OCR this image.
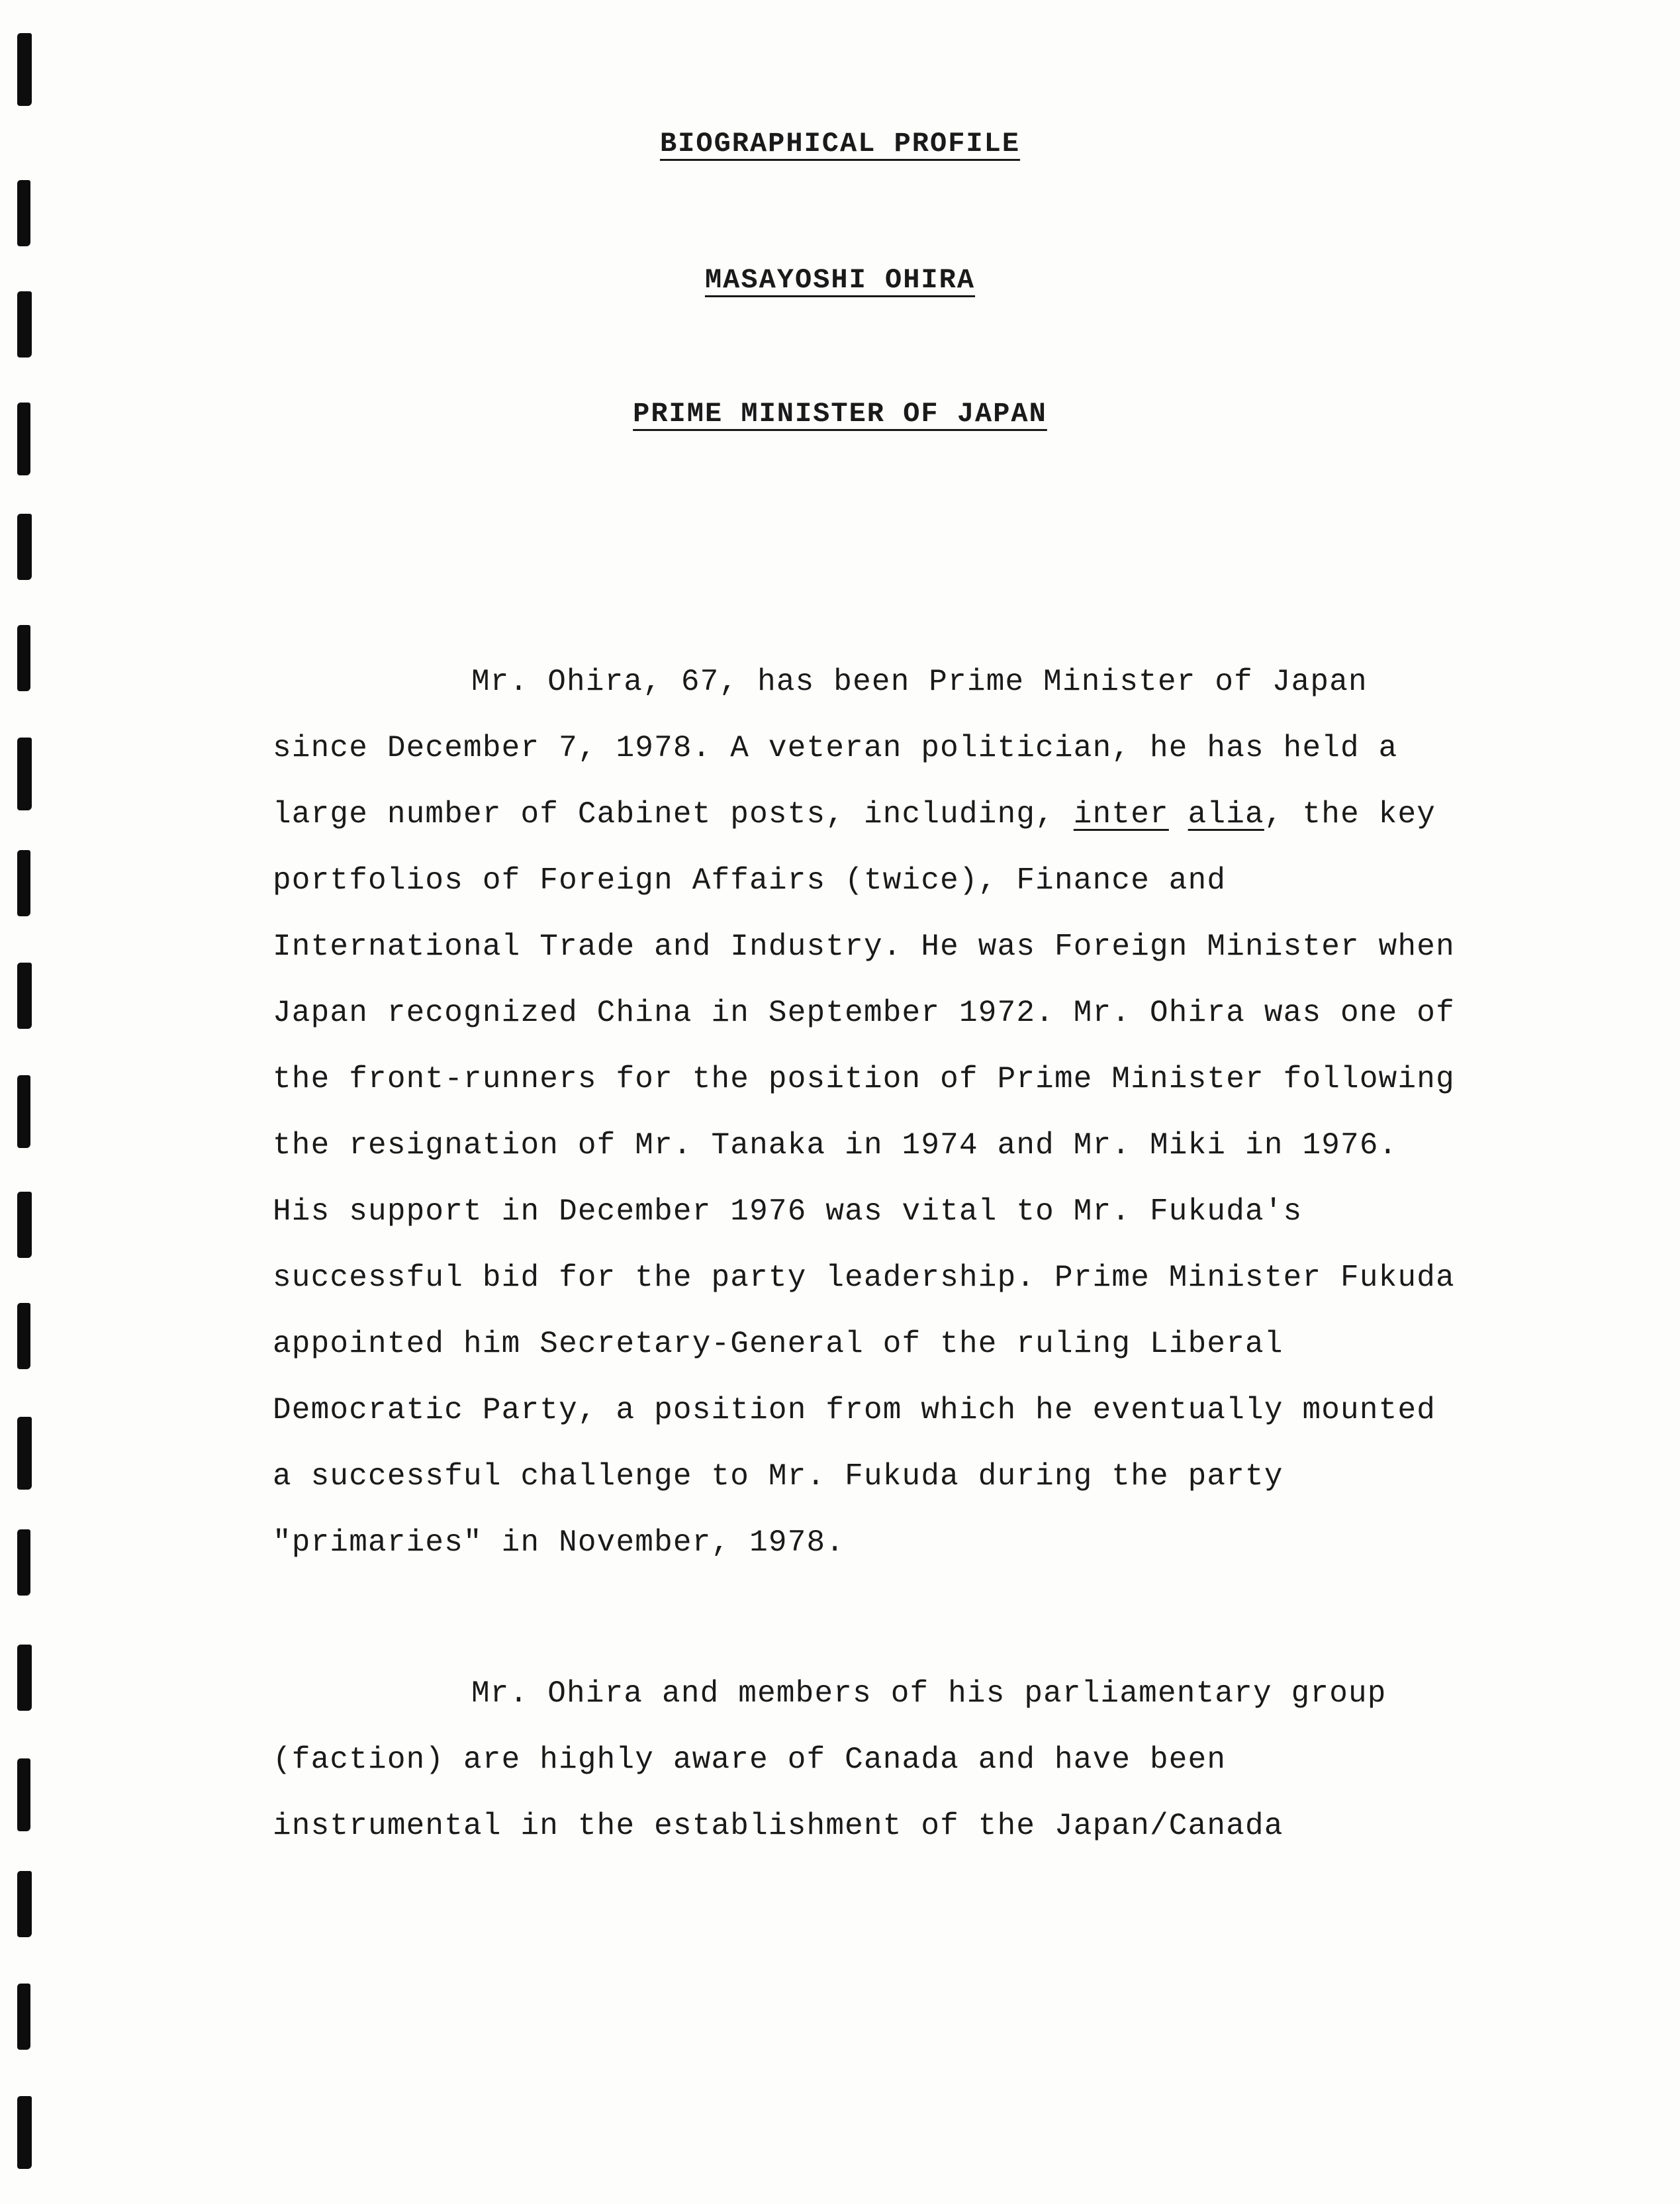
BIOGRAPHICAL PROFILE
MASAYOSHI OHIRA
PRIME MINISTER OF JAPAN

Mr. Ohira, 67, has been Prime Minister of Japan since December 7, 1978. A veteran politician, he has held a large number of Cabinet posts, including, inter alia, the key portfolios of Foreign Affairs (twice), Finance and International Trade and Industry. He was Foreign Minister when Japan recognized China in September 1972. Mr. Ohira was one of the front-runners for the position of Prime Minister following the resignation of Mr. Tanaka in 1974 and Mr. Miki in 1976. His support in December 1976 was vital to Mr. Fukuda's successful bid for the party leadership. Prime Minister Fukuda appointed him Secretary-General of the ruling Liberal Democratic Party, a position from which he eventually mounted a successful challenge to Mr. Fukuda during the party "primaries" in November, 1978.

Mr. Ohira and members of his parliamentary group (faction) are highly aware of Canada and have been instrumental in the establishment of the Japan/Canada
